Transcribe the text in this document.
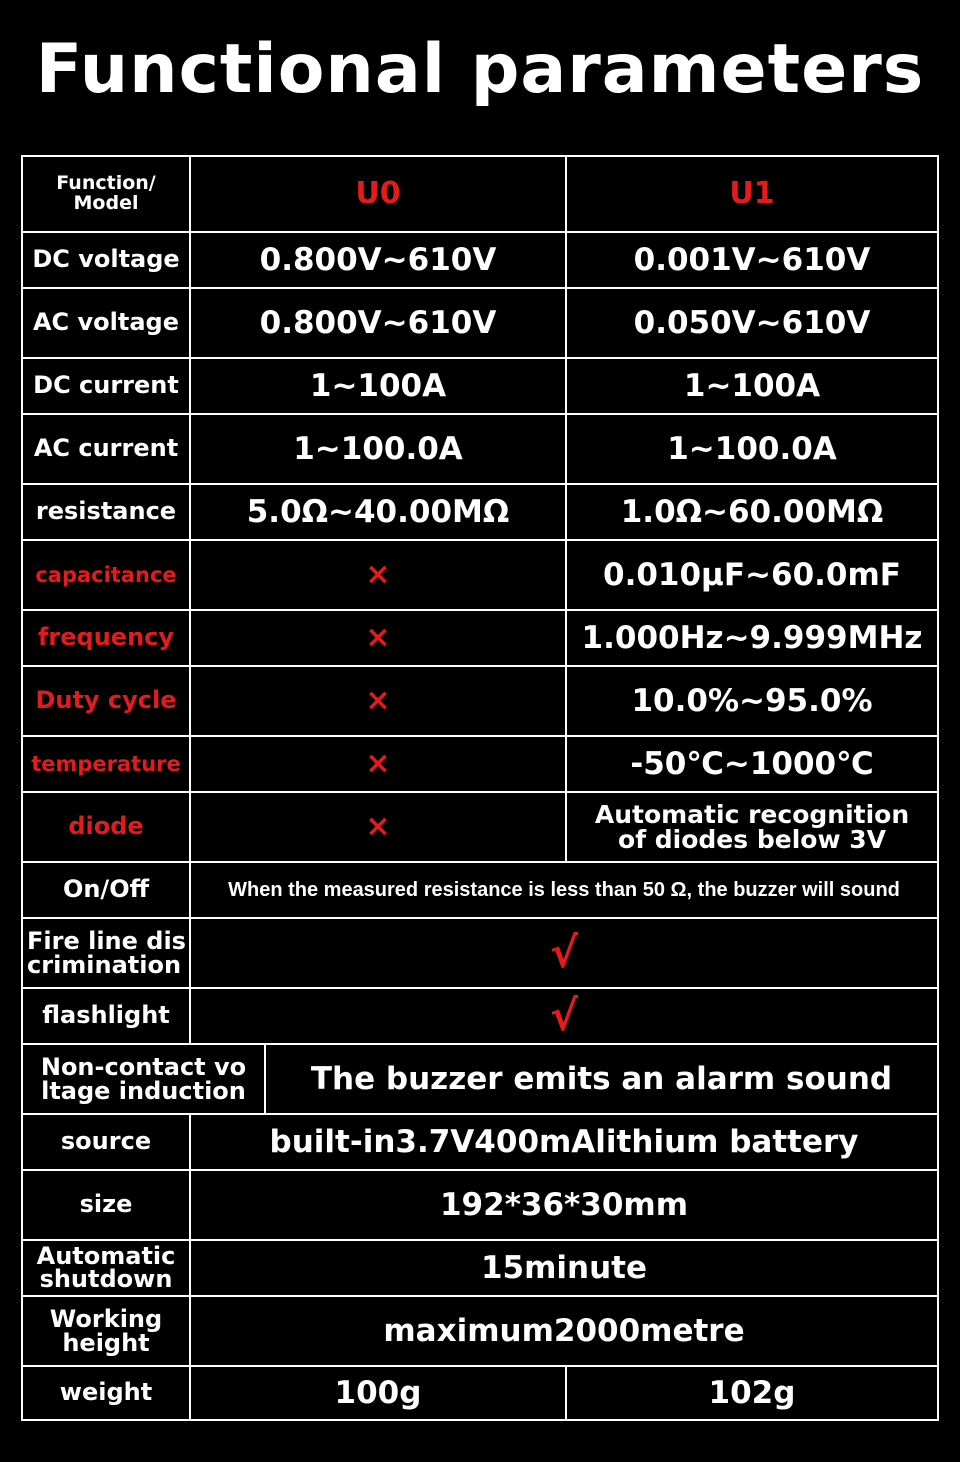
Functional parameters
Function/
Model	U0	U1
DC voltage	0.800V~610V	0.001V~610V
AC voltage	0.800V~610V	0.050V~610V
DC current	1~100A	1~100A
AC current	1~100.0A	1~100.0A
resistance	5.0Ω~40.00MΩ	1.0Ω~60.00MΩ
capacitance	×	0.010μF~60.0mF
frequency	×	1.000Hz~9.999MHz
Duty cycle	×	10.0%~95.0%
temperature	×	-50℃~1000℃
diode	×	Automatic recognition
of diodes below 3V
On/Off	When the measured resistance is less than 50 Ω, the buzzer will sound
Fire line dis
crimination	√
flashlight	√
Non-contact vo
ltage induction	The buzzer emits an alarm sound
source	built-in3.7V400mAlithium battery
size	192*36*30mm
Automatic
shutdown	15minute
Working
height	maximum2000metre
weight	100g	102g
